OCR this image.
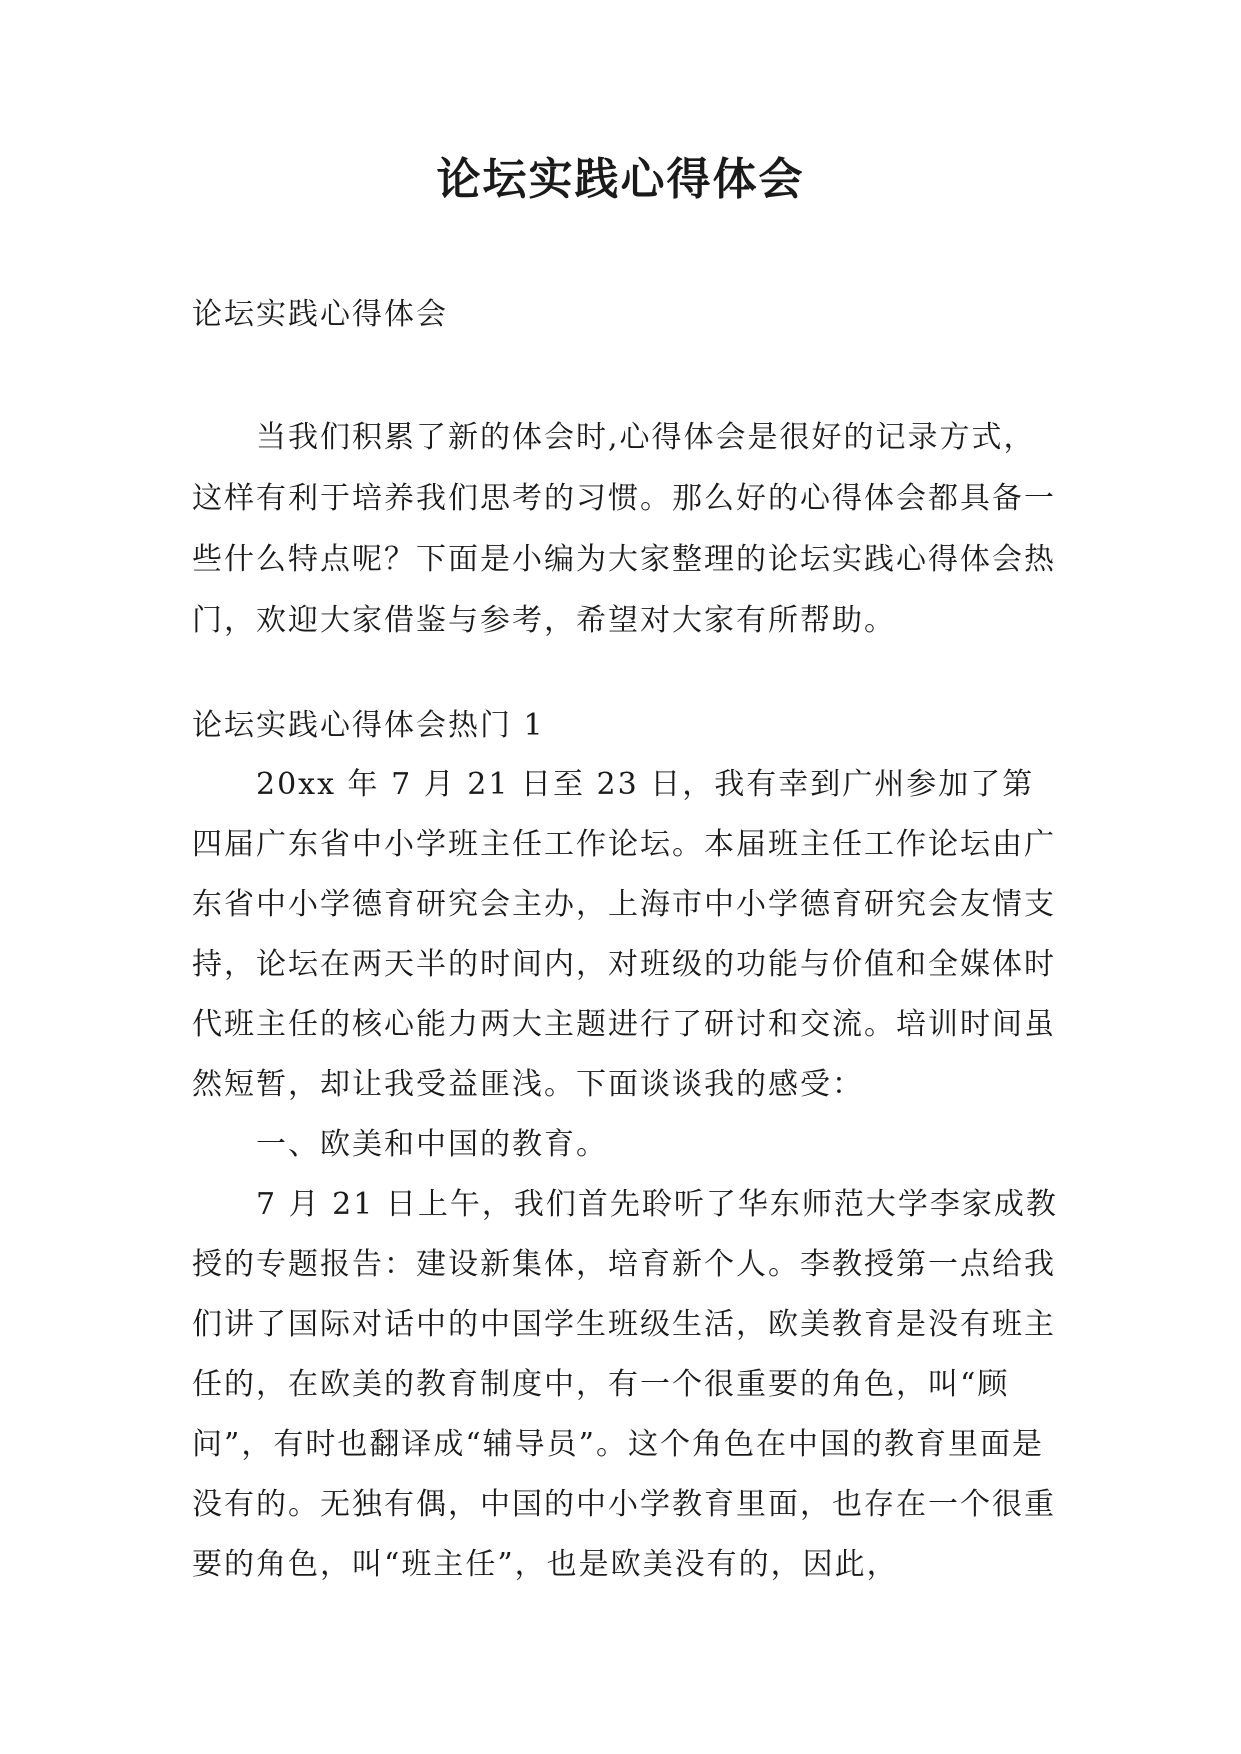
论坛实践心得体会
论坛实践心得体会

当我们积累了新的体会时,心得体会是很好的记录方式，这样有利于培养我们思考的习惯。那么好的心得体会都具备一些什么特点呢？下面是小编为大家整理的论坛实践心得体会热门，欢迎大家借鉴与参考，希望对大家有所帮助。

论坛实践心得体会热门 1

20xx 年 7 月 21 日至 23 日，我有幸到广州参加了第四届广东省中小学班主任工作论坛。本届班主任工作论坛由广东省中小学德育研究会主办，上海市中小学德育研究会友情支持，论坛在两天半的时间内，对班级的功能与价值和全媒体时代班主任的核心能力两大主题进行了研讨和交流。培训时间虽然短暂，却让我受益匪浅。下面谈谈我的感受：

一、欧美和中国的教育。

7 月 21 日上午，我们首先聆听了华东师范大学李家成教授的专题报告：建设新集体，培育新个人。李教授第一点给我们讲了国际对话中的中国学生班级生活，欧美教育是没有班主任的，在欧美的教育制度中，有一个很重要的角色，叫“顾问”，有时也翻译成“辅导员”。这个角色在中国的教育里面是没有的。无独有偶，中国的中小学教育里面，也存在一个很重要的角色，叫“班主任”，也是欧美没有的，因此，
